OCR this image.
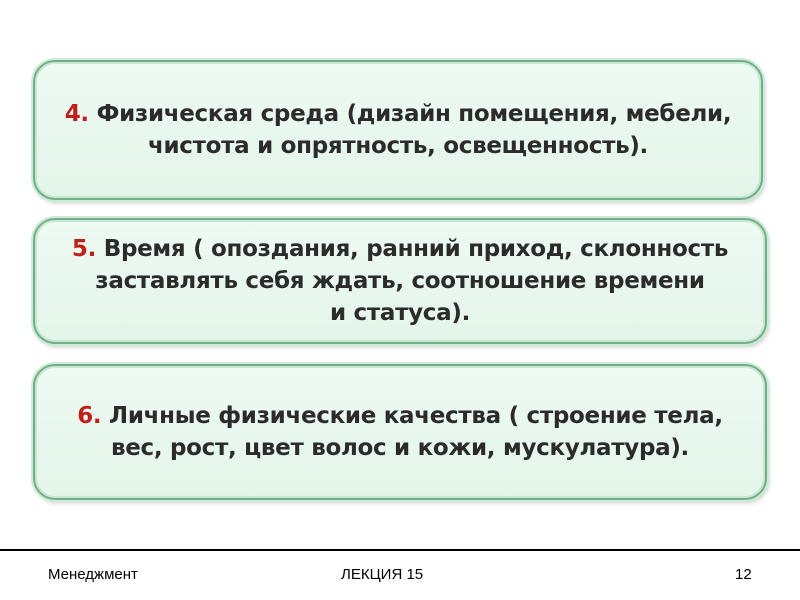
4. Физическая среда (дизайн помещения, мебели,
чистота и опрятность, освещенность).
5. Время ( опоздания, ранний приход, склонность
заставлять себя ждать, соотношение времени
и статуса).
6. Личные физические качества ( строение тела,
вес, рост, цвет волос и кожи, мускулатура).
Менеджмент	ЛЕКЦИЯ 15	12
